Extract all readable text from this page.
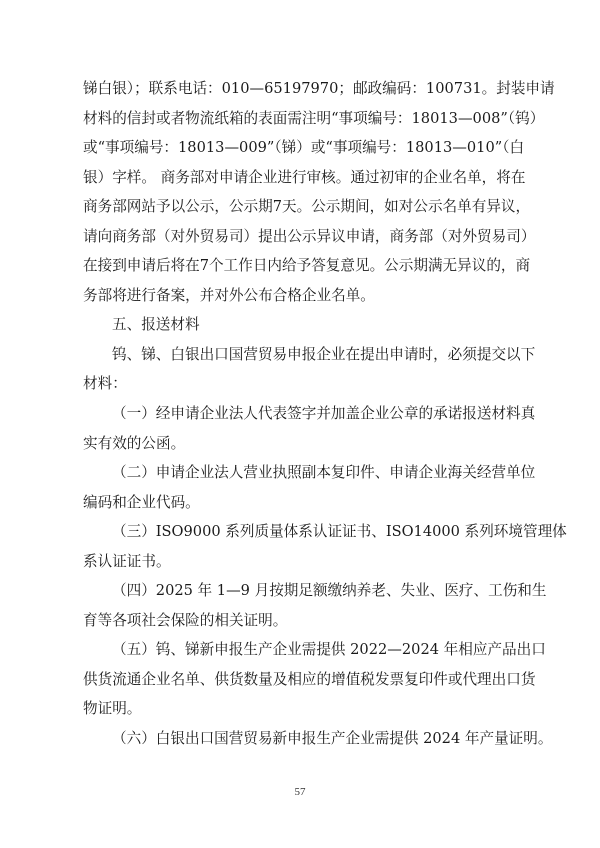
锑白银）；联系电话：010—65197970；邮政编码：100731。封装申请
材料的信封或者物流纸箱的表面需注明“事项编号：18013—008”（钨）
或“事项编号：18013—009”（锑）或“事项编号：18013—010”（白
银）字样。 商务部对申请企业进行审核。通过初审的企业名单，将在
商务部网站予以公示，公示期7天。公示期间，如对公示名单有异议，
请向商务部（对外贸易司）提出公示异议申请，商务部（对外贸易司）
在接到申请后将在7个工作日内给予答复意见。公示期满无异议的，商
务部将进行备案，并对外公布合格企业名单。
五、报送材料
钨、锑、白银出口国营贸易申报企业在提出申请时，必须提交以下
材料：
（一）经申请企业法人代表签字并加盖企业公章的承诺报送材料真
实有效的公函。
（二）申请企业法人营业执照副本复印件、申请企业海关经营单位
编码和企业代码。
（三）ISO9000 系列质量体系认证证书、ISO14000 系列环境管理体
系认证证书。
（四）2025 年 1—9 月按期足额缴纳养老、失业、医疗、工伤和生
育等各项社会保险的相关证明。
（五）钨、锑新申报生产企业需提供 2022—2024 年相应产品出口
供货流通企业名单、供货数量及相应的增值税发票复印件或代理出口货
物证明。
（六）白银出口国营贸易新申报生产企业需提供 2024 年产量证明。
57
